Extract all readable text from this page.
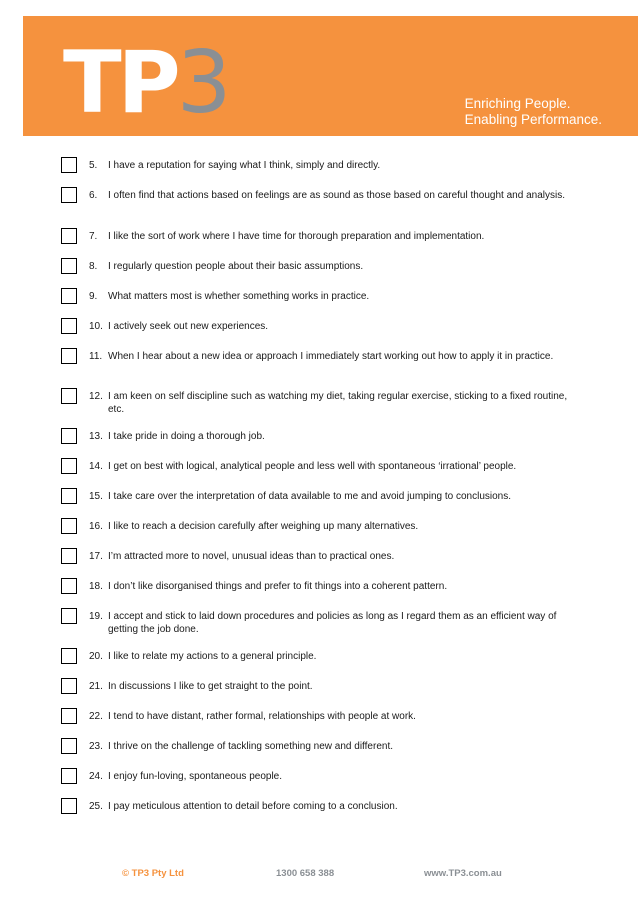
TP3	Enriching People.
Enabling Performance.
5. I have a reputation for saying what I think, simply and directly.
6. I often find that actions based on feelings are as sound as those based on careful thought and analysis.
7. I like the sort of work where I have time for thorough preparation and implementation.
8. I regularly question people about their basic assumptions.
9. What matters most is whether something works in practice.
10. I actively seek out new experiences.
11. When I hear about a new idea or approach I immediately start working out how to apply it in practice.
12. I am keen on self discipline such as watching my diet, taking regular exercise, sticking to a fixed routine, etc.
13. I take pride in doing a thorough job.
14. I get on best with logical, analytical people and less well with spontaneous ‘irrational’ people.
15. I take care over the interpretation of data available to me and avoid jumping to conclusions.
16. I like to reach a decision carefully after weighing up many alternatives.
17. I’m attracted more to novel, unusual ideas than to practical ones.
18. I don’t like disorganised things and prefer to fit things into a coherent pattern.
19. I accept and stick to laid down procedures and policies as long as I regard them as an efficient way of getting the job done.
20. I like to relate my actions to a general principle.
21. In discussions I like to get straight to the point.
22. I tend to have distant, rather formal, relationships with people at work.
23. I thrive on the challenge of tackling something new and different.
24. I enjoy fun-loving, spontaneous people.
25. I pay meticulous attention to detail before coming to a conclusion.
© TP3 Pty Ltd	1300 658 388	www.TP3.com.au
